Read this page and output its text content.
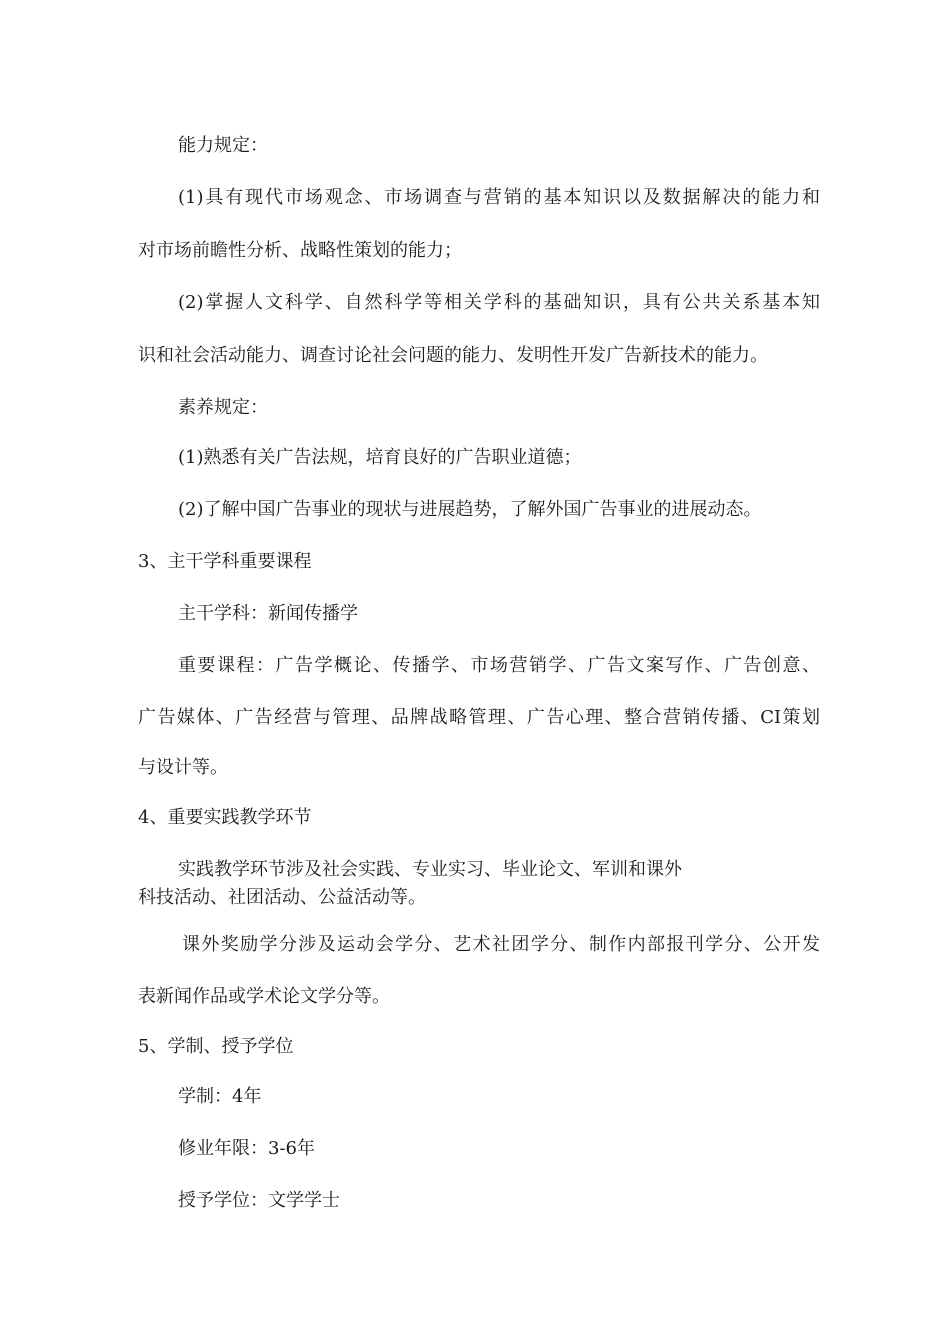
能力规定：

(1)具有现代市场观念、市场调查与营销的基本知识以及数据解决的能力和

对市场前瞻性分析、战略性策划的能力；

(2)掌握人文科学、自然科学等相关学科的基础知识，具有公共关系基本知

识和社会活动能力、调查讨论社会问题的能力、发明性开发广告新技术的能力。

素养规定：

(1)熟悉有关广告法规，培育良好的广告职业道德；

(2)了解中国广告事业的现状与进展趋势，了解外国广告事业的进展动态。

3、主干学科重要课程

主干学科：新闻传播学

重要课程：广告学概论、传播学、市场营销学、广告文案写作、广告创意、

广告媒体、广告经营与管理、品牌战略管理、广告心理、整合营销传播、CI策划

与设计等。

4、重要实践教学环节

实践教学环节涉及社会实践、专业实习、毕业论文、军训和课外

科技活动、社团活动、公益活动等。

课外奖励学分涉及运动会学分、艺术社团学分、制作内部报刊学分、公开发

表新闻作品或学术论文学分等。

5、学制、授予学位

学制：4年

修业年限：3-6年

授予学位：文学学士
